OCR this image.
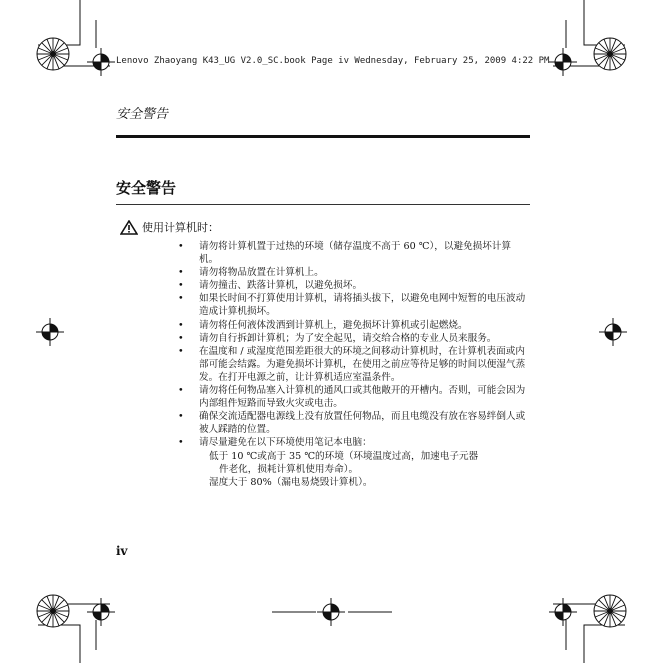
Lenovo Zhaoyang K43_UG V2.0_SC.book Page iv Wednesday, February 25, 2009 4:22 PM
安全警告
安全警告
使用计算机时：
• 请勿将计算机置于过热的环境（储存温度不高于 60 ℃），以避免损坏计算机。
• 请勿将物品放置在计算机上。
• 请勿撞击、跌落计算机，以避免损坏。
• 如果长时间不打算使用计算机，请将插头拔下，以避免电网中短暂的电压波动造成计算机损坏。
• 请勿将任何液体泼洒到计算机上，避免损坏计算机或引起燃烧。
• 请勿自行拆卸计算机；为了安全起见，请交给合格的专业人员来服务。
• 在温度和 / 或湿度范围差距很大的环境之间移动计算机时，在计算机表面或内部可能会结露。为避免损坏计算机，在使用之前应等待足够的时间以便湿气蒸发。在打开电源之前，让计算机适应室温条件。
• 请勿将任何物品塞入计算机的通风口或其他敞开的开槽内。否则，可能会因为内部组件短路而导致火灾或电击。
• 确保交流适配器电源线上没有放置任何物品，而且电缆没有放在容易绊倒人或被人踩踏的位置。

• 请尽量避免在以下环境使用笔记本电脑：

低于 10 ℃或高于 35 ℃的环境（环境温度过高，加速电子元器

件老化，损耗计算机使用寿命）。

湿度大于 80%（漏电易烧毁计算机）。

iv
